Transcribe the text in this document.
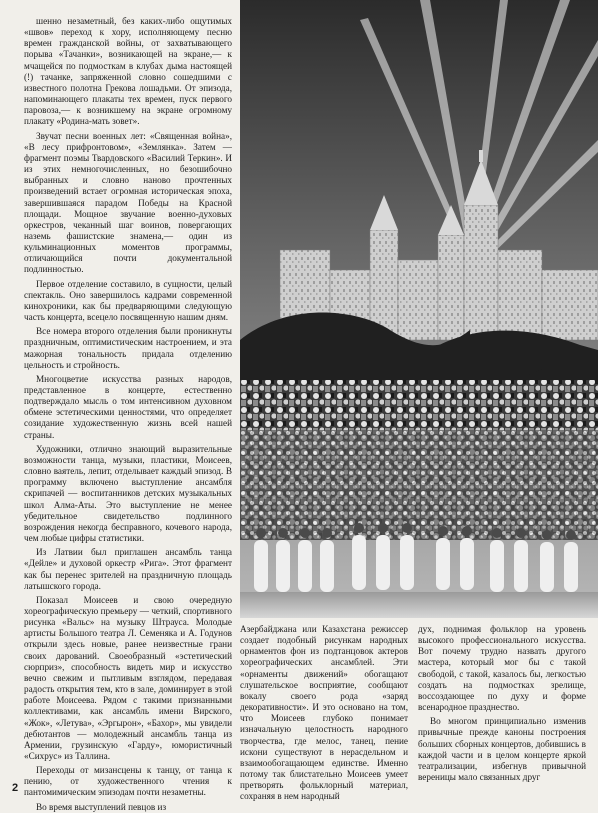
шенно незаметный, без каких-либо ощутимых «швов» переход к хору, исполняющему песню времен гражданской войны, от захватывающего порыва «Тачанки», возникающей на экране,— к мчащейся по подмосткам в клубах дыма настоящей (!) тачанке, запряженной словно сошедшими с известного полотна Грекова лошадьми. От эпизода, напоминающего плакаты тех времен, пуск первого паровоза,— к возникшему на экране огромному плакату «Родина-мать зовет».

Звучат песни военных лет: «Священная война», «В лесу прифронтовом», «Землянка». Затем — фрагмент поэмы Твардовского «Василий Теркин». И из этих немногочисленных, но безошибочно выбранных и словно наново прочтенных произведений встает огромная историческая эпоха, завершившаяся парадом Победы на Красной площади. Мощное звучание военно-духовых оркестров, чеканный шаг воинов, повергающих наземь фашистские знамена,— один из кульминационных моментов программы, отличающийся почти документальной подлинностью.

Первое отделение составило, в сущности, целый спектакль. Оно завершилось кадрами современной кинохроники, как бы предваряющими следующую часть концерта, всецело посвященную нашим дням.

Все номера второго отделения были проникнуты праздничным, оптимистическим настроением, и эта мажорная тональность придала отделению цельность и стройность.

Многоцветие искусства разных народов, представленное в концерте, естественно подтверждало мысль о том интенсивном духовном обмене эстетическими ценностями, что определяет созидание художественную жизнь всей нашей страны.

Художники, отлично знающий выразительные возможности танца, музыки, пластики, Моисеев, словно ваятель, лепит, отделывает каждый эпизод. В программу включено выступление ансамбля скрипачей — воспитанников детских музыкальных школ Алма-Аты. Это выступление не менее убедительное свидетельство подлинного возрождения некогда бесправного, кочевого народа, чем любые цифры статистики.

Из Латвии был приглашен ансамбль танца «Дейлe» и духовой оркестр «Рига». Этот фрагмент как бы перенес зрителей на праздничную площадь латышского города.

Показал Моисеев и свою очередную хореографическую премьеру — четкий, спортивного рисунка «Вальс» на музыку Штрауса. Молодые артисты Большого театра Л. Семеняка и А. Годунов открыли здесь новые, ранее неизвестные грани своих дарований. Своеобразный «эстетический сюрприз», способность видеть мир и искусство вечно свежим и пытливым взглядом, передавая радость открытия тем, кто в зале, доминирует в этой работе Моисеева. Рядом с такими признанными коллективами, как ансамбль имени Вирского, «Жок», «Летува», «Эргырон», «Бахор», мы увидели дебютантов — молодежный ансамбль танца из Армении, грузинскую «Гарду», юмористичный «Сихрус» из Таллина.

Переходы от мизансцены к танцу, от танца к пению, от художественного чтения к пантомимическим эпизодам почти незаметны.

Во время выступлений певцов из

Азербайджана или Казахстана режиссер создает подобный рисункам народных орнаментов фон из подтанцовок актеров хореографических ансамблей. Эти «орнаменты движений» обогащают слушательское восприятие, сообщают вокалу своего рода «заряд декоративности». И это основано на том, что Моисеев глубоко понимает изначальную целостность народного творчества, где мелос, танец, пение искони существуют в нерасдельном и взаимообогащающем единстве. Именно потому так блистательно Моисеев умеет претворять фольклорный материал, сохраняя в нем народный

дух, поднимая фольклор на уровень высокого профессионального искусства. Вот почему трудно назвать другого мастера, который мог бы с такой свободой, с такой, казалось бы, легкостью создать на подмостках зрелище, воссоздающее по духу и форме всенародное празднество.

Во многом принципиально изменив привычные прежде каноны построения больших сборных концертов, добившись в каждой части и в целом концерте яркой театрализации, избегнув привычной вереницы мало связанных друг

2
